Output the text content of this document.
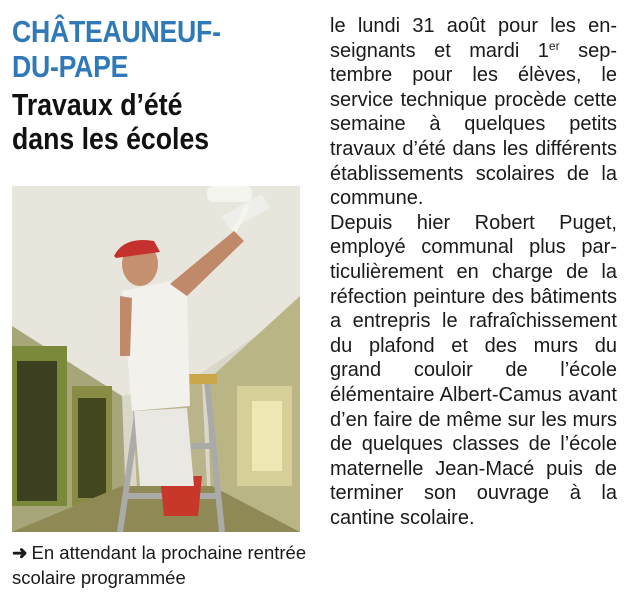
CHÂTEAUNEUF-
DU-PAPE
Travaux d’été
dans les écoles
➜ En attendant la prochaine rentrée scolaire programmée

le lundi 31 août pour les enseignants et mardi 1er septembre pour les élèves, le service technique procède cette semaine à quelques petits travaux d’été dans les différents établissements scolaires de la commune.

Depuis hier Robert Puget, employé communal plus particulièrement en charge de la réfection peinture des bâtiments a entrepris le rafraîchissement du plafond et des murs du grand couloir de l’école élémentaire Albert-Camus avant d’en faire de même sur les murs de quelques classes de l’école maternelle Jean-Macé puis de terminer son ouvrage à la cantine scolaire.
